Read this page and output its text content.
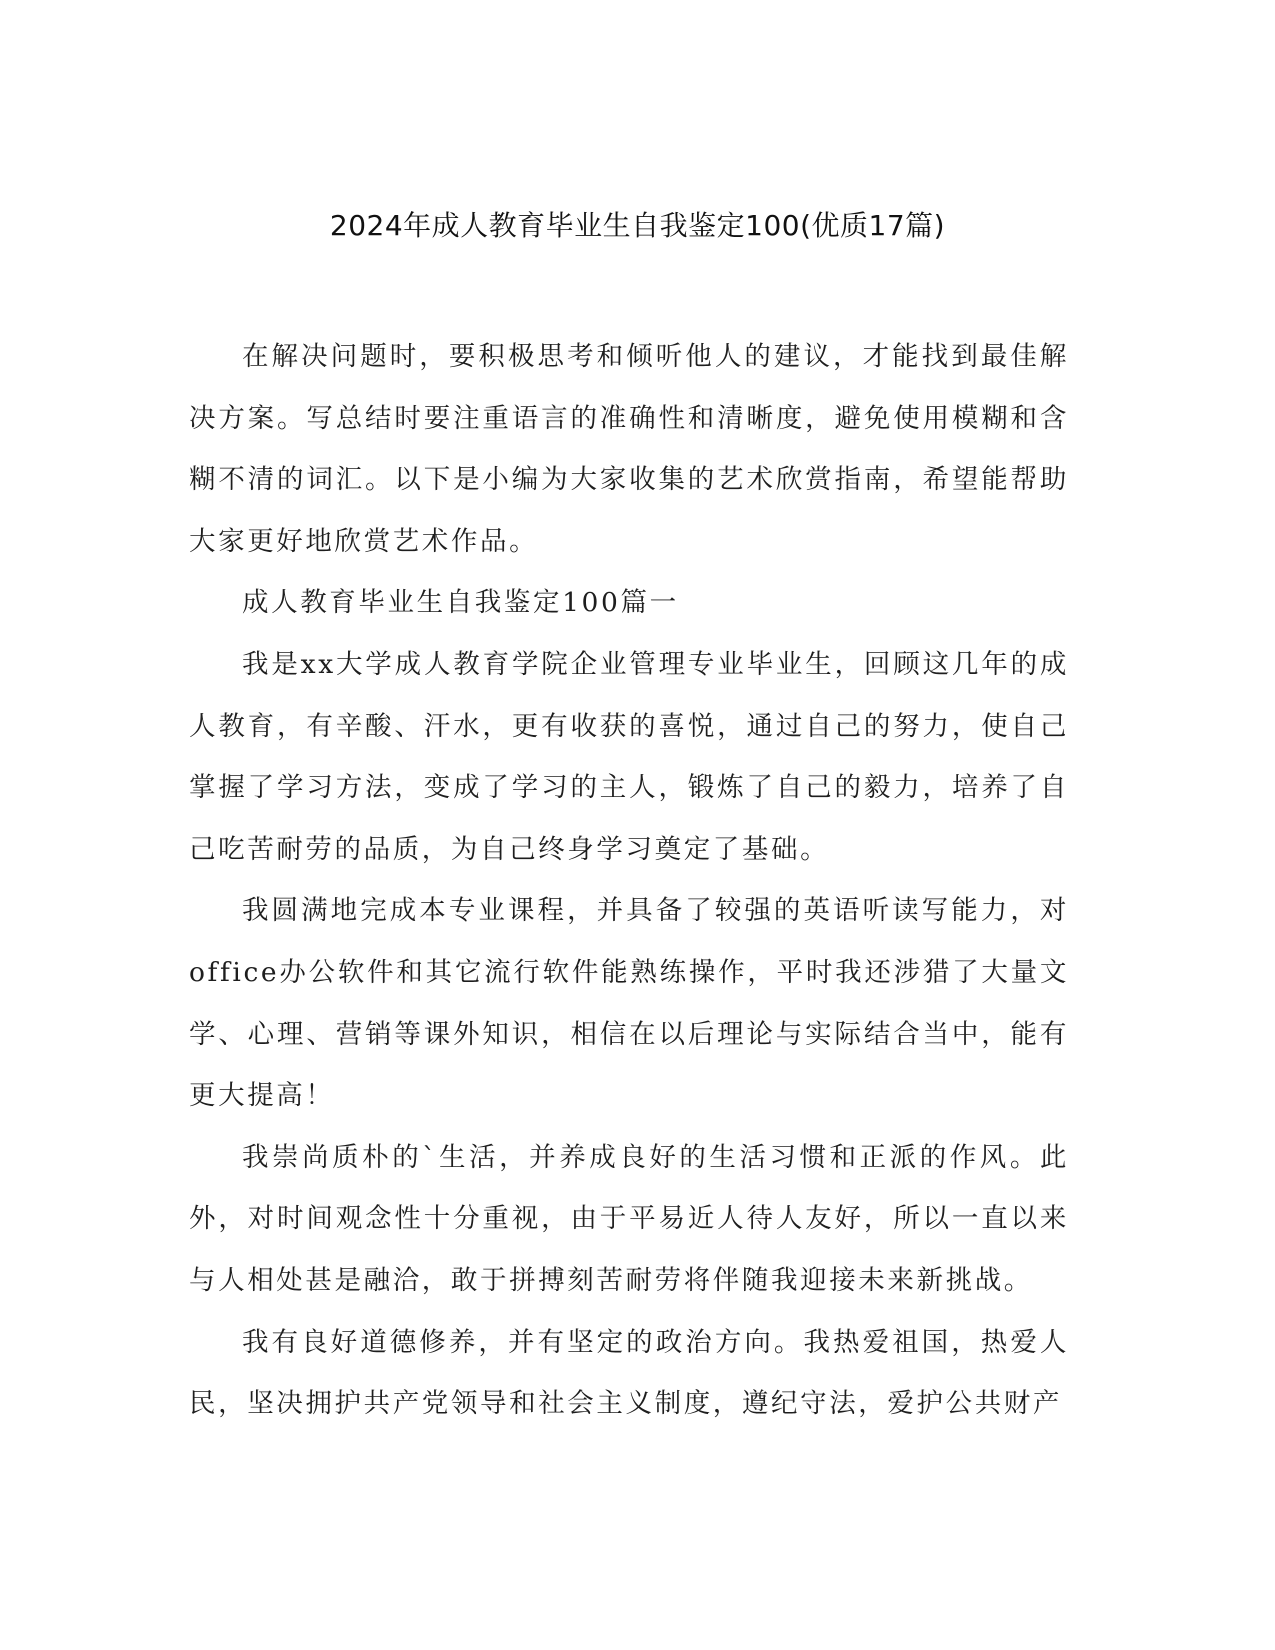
2024年成人教育毕业生自我鉴定100(优质17篇)

在解决问题时，要积极思考和倾听他人的建议，才能找到最佳解决方案。写总结时要注重语言的准确性和清晰度，避免使用模糊和含糊不清的词汇。以下是小编为大家收集的艺术欣赏指南，希望能帮助大家更好地欣赏艺术作品。

成人教育毕业生自我鉴定100篇一

我是xx大学成人教育学院企业管理专业毕业生，回顾这几年的成人教育，有辛酸、汗水，更有收获的喜悦，通过自己的努力，使自己掌握了学习方法，变成了学习的主人，锻炼了自己的毅力，培养了自己吃苦耐劳的品质，为自己终身学习奠定了基础。

我圆满地完成本专业课程，并具备了较强的英语听读写能力，对office办公软件和其它流行软件能熟练操作，平时我还涉猎了大量文学、心理、营销等课外知识，相信在以后理论与实际结合当中，能有更大提高！

我崇尚质朴的`生活，并养成良好的生活习惯和正派的作风。此外，对时间观念性十分重视，由于平易近人待人友好，所以一直以来与人相处甚是融洽，敢于拼搏刻苦耐劳将伴随我迎接未来新挑战。

我有良好道德修养，并有坚定的政治方向。我热爱祖国，热爱人民，坚决拥护共产党领导和社会主义制度，遵纪守法，爱护公共财产
